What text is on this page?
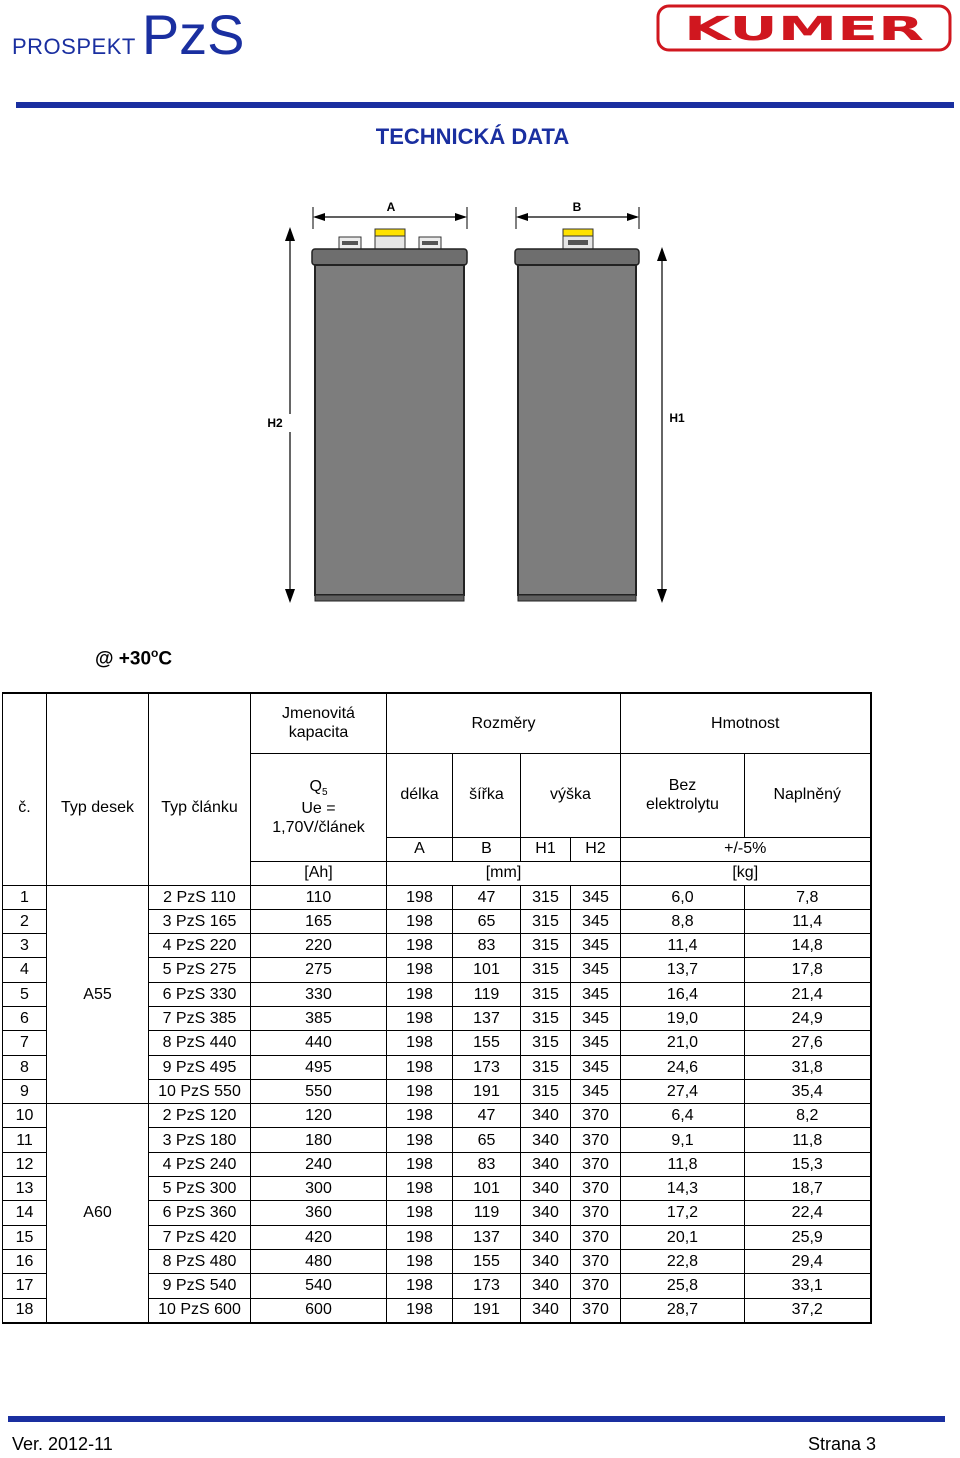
PROSPEKT PzS	KUMER
TECHNICKÁ DATA
A	B
H2	H1
@ $+30^oC$
č.	Typ desek	Typ článku	Jmenovitá
kapacita	Rozměry				Hmotnost	
			$Q_5$
Ue =
1,70V/článek	délka	šířka	výška		Bez
elektrolytu	Naplněný
				A	B	H1	H2	+/-5%	
			[Ah]	[mm]				[kg]	
1	A55	2 PzS 110	110	198	47	315	345	6,0	7,8
2		3 PzS 165	165	198	65	315	345	8,8	11,4
3		4 PzS 220	220	198	83	315	345	11,4	14,8
4		5 PzS 275	275	198	101	315	345	13,7	17,8
5		6 PzS 330	330	198	119	315	345	16,4	21,4
6		7 PzS 385	385	198	137	315	345	19,0	24,9
7		8 PzS 440	440	198	155	315	345	21,0	27,6
8		9 PzS 495	495	198	173	315	345	24,6	31,8
9		10 PzS 550	550	198	191	315	345	27,4	35,4
10	A60	2 PzS 120	120	198	47	340	370	6,4	8,2
11		3 PzS 180	180	198	65	340	370	9,1	11,8
12		4 PzS 240	240	198	83	340	370	11,8	15,3
13		5 PzS 300	300	198	101	340	370	14,3	18,7
14		6 PzS 360	360	198	119	340	370	17,2	22,4
15		7 PzS 420	420	198	137	340	370	20,1	25,9
16		8 PzS 480	480	198	155	340	370	22,8	29,4
17		9 PzS 540	540	198	173	340	370	25,8	33,1
18		10 PzS 600	600	198	191	340	370	28,7	37,2
Ver. 2012-11	Strana 3
